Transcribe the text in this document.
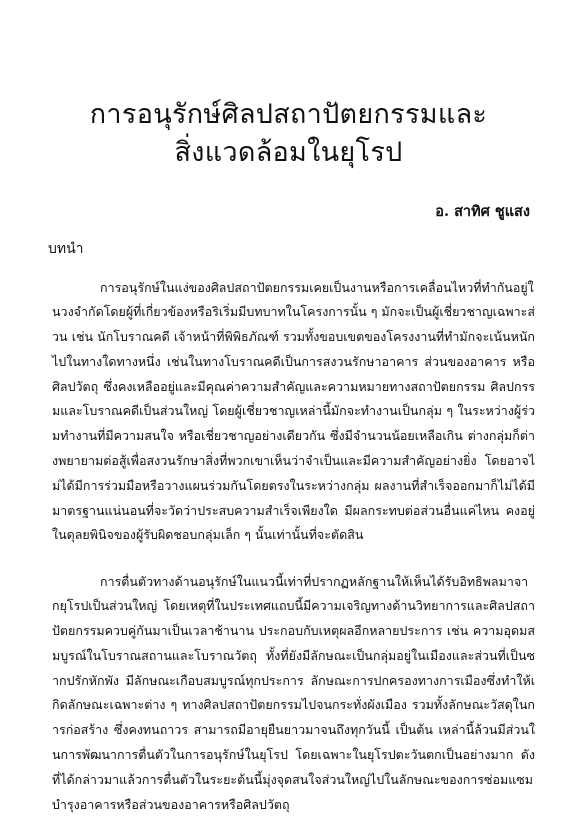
การอนุรักษ์ศิลปสถาปัตยกรรมและ
สิ่งแวดล้อมในยุโรป
อ. สาทิศ ชูแสง
บทนำ

การอนุรักษ์ในแง่ของศิลปสถาปัตยกรรมเคยเป็นงานหรือการเคลื่อนไหวที่ทำกันอยู่ในวงจำกัดโดยผู้ที่เกี่ยวข้องหรือริเริ่มมีบทบาทในโครงการนั้น ๆ มักจะเป็นผู้เชี่ยวชาญเฉพาะส่วน เช่น นักโบราณคดี เจ้าหน้าที่พิพิธภัณฑ์ รวมทั้งขอบเขตของโครงงานที่ทำมักจะเน้นหนักไปในทางใดทางหนึ่ง เช่นในทางโบราณคดีเป็นการสงวนรักษาอาคาร ส่วนของอาคาร หรือศิลปวัตถุ ซึ่งคงเหลืออยู่และมีคุณค่าความสำคัญและความหมายทางสถาปัตยกรรม ศิลปกรรมและโบราณคดีเป็นส่วนใหญ่ โดยผู้เชี่ยวชาญเหล่านี้มักจะทำงานเป็นกลุ่ม ๆ ในระหว่างผู้ร่วมทำงานที่มีความสนใจ หรือเชี่ยวชาญอย่างเดียวกัน ซึ่งมีจำนวนน้อยเหลือเกิน ต่างกลุ่มก็ต่างพยายามต่อสู้เพื่อสงวนรักษาสิ่งที่พวกเขาเห็นว่าจำเป็นและมีความสำคัญอย่างยิ่ง โดยอาจไม่ได้มีการร่วมมือหรือวางแผนร่วมกันโดยตรงในระหว่างกลุ่ม ผลงานที่สำเร็จออกมาก็ไม่ได้มีมาตรฐานแน่นอนที่จะวัดว่าประสบความสำเร็จเพียงใด มีผลกระทบต่อส่วนอื่นแค่ไหน คงอยู่ในดุลยพินิจของผู้รับผิดชอบกลุ่มเล็ก ๆ นั้นเท่านั้นที่จะตัดสิน

การตื่นตัวทางด้านอนุรักษ์ในแนวนี้เท่าที่ปรากฏหลักฐานให้เห็นได้รับอิทธิพลมาจากยุโรปเป็นส่วนใหญ่ โดยเหตุที่ในประเทศแถบนี้มีความเจริญทางด้านวิทยาการและศิลปสถาปัตยกรรมควบคู่กันมาเป็นเวลาช้านาน ประกอบกับเหตุผลอีกหลายประการ เช่น ความอุดมสมบูรณ์ในโบราณสถานและโบราณวัตถุ ทั้งที่ยังมีลักษณะเป็นกลุ่มอยู่ในเมืองและส่วนที่เป็นซากปรักหักพัง มีลักษณะเกือบสมบูรณ์ทุกประการ ลักษณะการปกครองทางการเมืองซึ่งทำให้เกิดลักษณะเฉพาะต่าง ๆ ทางศิลปสถาปัตยกรรมไปจนกระทั่งผังเมือง รวมทั้งลักษณะวัสดุในการก่อสร้าง ซึ่งคงทนถาวร สามารถมีอายุยืนยาวมาจนถึงทุกวันนี้ เป็นต้น เหล่านี้ล้วนมีส่วนในการพัฒนาการตื่นตัวในการอนุรักษ์ในยุโรป โดยเฉพาะในยุโรปตะวันตกเป็นอย่างมาก ดังที่ได้กล่าวมาแล้วการตื่นตัวในระยะต้นนี้มุ่งจุดสนใจส่วนใหญ่ไปในลักษณะของการซ่อมแซมบำรุงอาคารหรือส่วนของอาคารหรือศิลปวัตถุ
